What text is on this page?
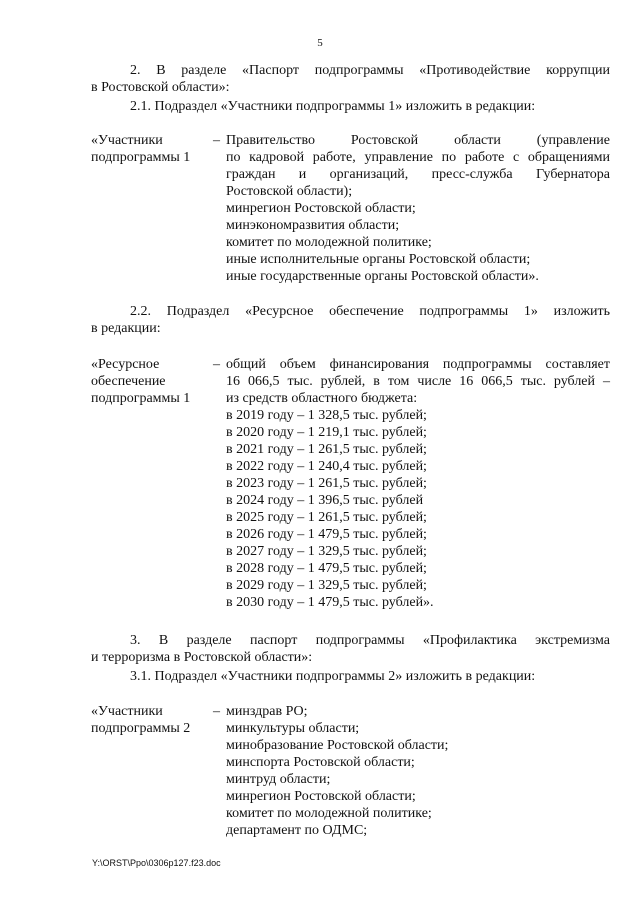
5
2. В разделе «Паспорт подпрограммы «Противодействие коррупции
в Ростовской области»:
2.1. Подраздел «Участники подпрограммы 1» изложить в редакции:
«Участники
подпрограммы 1
– Правительство Ростовской области (управление
по кадровой работе, управление по работе с обращениями
граждан и организаций, пресс-служба Губернатора
Ростовской области);
минрегион Ростовской области;
минэкономразвития области;
комитет по молодежной политике;
иные исполнительные органы Ростовской области;
иные государственные органы Ростовской области».
2.2. Подраздел «Ресурсное обеспечение подпрограммы 1» изложить
в редакции:
«Ресурсное
обеспечение
подпрограммы 1
– общий объем финансирования подпрограммы составляет
16 066,5 тыс. рублей, в том числе 16 066,5 тыс. рублей –
из средств областного бюджета:
в 2019 году – 1 328,5 тыс. рублей;
в 2020 году – 1 219,1 тыс. рублей;
в 2021 году – 1 261,5 тыс. рублей;
в 2022 году – 1 240,4 тыс. рублей;
в 2023 году – 1 261,5 тыс. рублей;
в 2024 году – 1 396,5 тыс. рублей
в 2025 году – 1 261,5 тыс. рублей;
в 2026 году – 1 479,5 тыс. рублей;
в 2027 году – 1 329,5 тыс. рублей;
в 2028 году – 1 479,5 тыс. рублей;
в 2029 году – 1 329,5 тыс. рублей;
в 2030 году – 1 479,5 тыс. рублей».
3. В разделе паспорт подпрограммы «Профилактика экстремизма
и терроризма в Ростовской области»:
3.1. Подраздел «Участники подпрограммы 2» изложить в редакции:
«Участники
подпрограммы 2
– минздрав РО;
минкультуры области;
минобразование Ростовской области;
минспорта Ростовской области;
минтруд области;
минрегион Ростовской области;
комитет по молодежной политике;
департамент по ОДМС;
Y:\ORST\Ppo\0306p127.f23.doc
